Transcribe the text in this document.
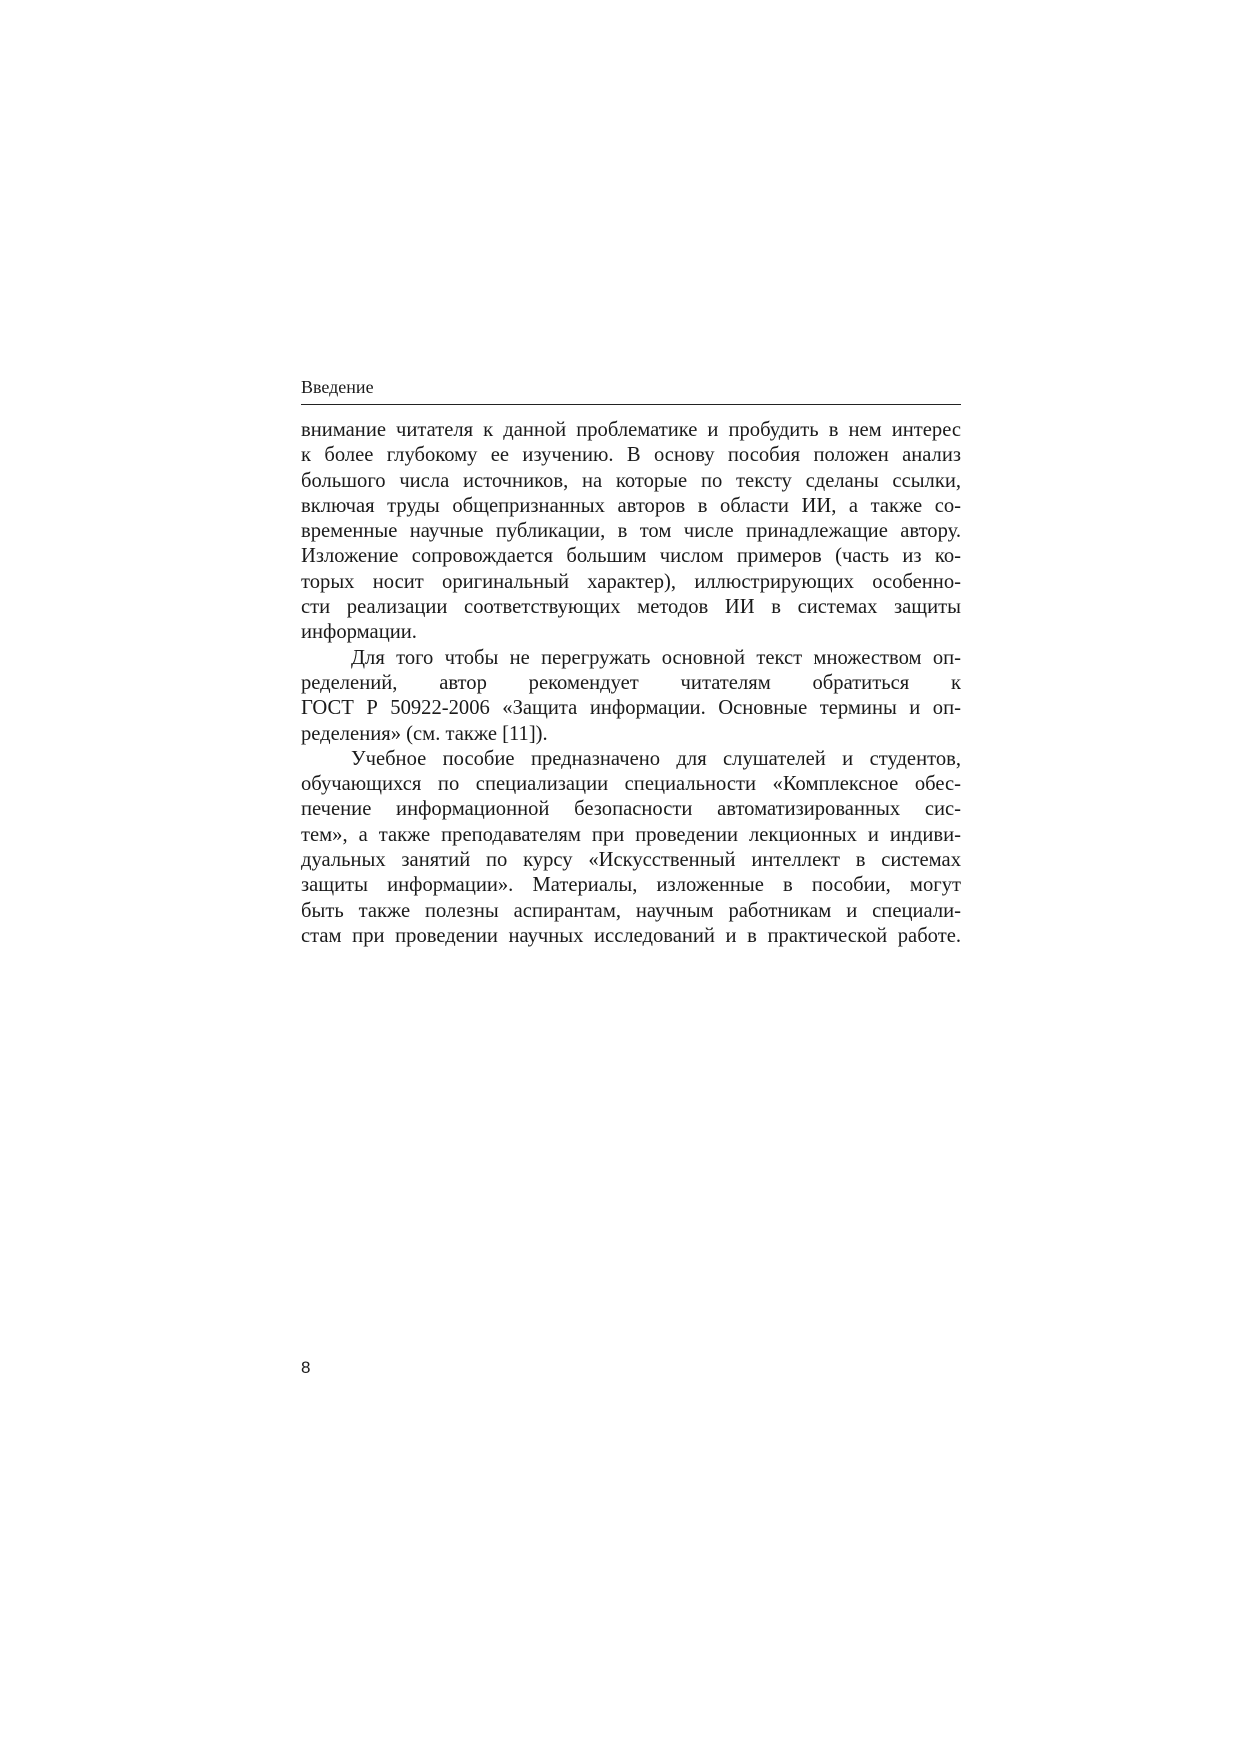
Введение
внимание читателя к данной проблематике и пробудить в нем интерес
к более глубокому ее изучению. В основу пособия положен анализ
большого числа источников, на которые по тексту сделаны ссылки,
включая труды общепризнанных авторов в области ИИ, а также со-
временные научные публикации, в том числе принадлежащие автору.
Изложение сопровождается большим числом примеров (часть из ко-
торых носит оригинальный характер), иллюстрирующих особенно-
сти реализации соответствующих методов ИИ в системах защиты
информации.
Для того чтобы не перегружать основной текст множеством оп-
ределений, автор рекомендует читателям обратиться к
ГОСТ Р 50922-2006 «Защита информации. Основные термины и оп-
ределения» (см. также [11]).
Учебное пособие предназначено для слушателей и студентов,
обучающихся по специализации специальности «Комплексное обес-
печение информационной безопасности автоматизированных сис-
тем», а также преподавателям при проведении лекционных и индиви-
дуальных занятий по курсу «Искусственный интеллект в системах
защиты информации». Материалы, изложенные в пособии, могут
быть также полезны аспирантам, научным работникам и специали-
стам при проведении научных исследований и в практической работе.
8
